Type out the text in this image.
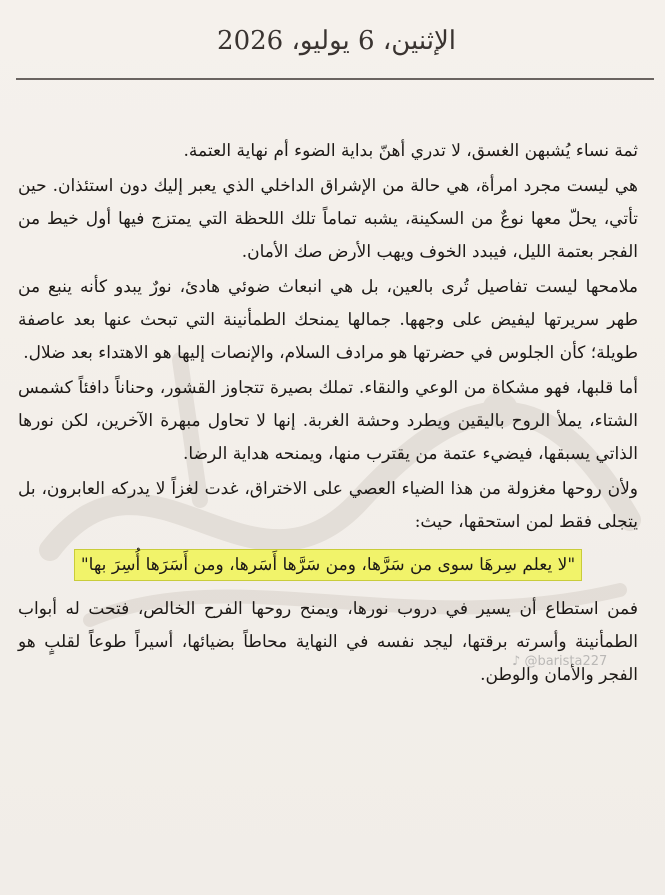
الإثنين، 6 يوليو، 2026

ثمة نساء يُشبهن الغسق، لا تدري أهنّ بداية الضوء أم نهاية العتمة.

هي ليست مجرد امرأة، هي حالة من الإشراق الداخلي الذي يعبر إليك دون استئذان. حين تأتي، يحلّ معها نوعٌ من السكينة، يشبه تماماً تلك اللحظة التي يمتزج فيها أول خيط من الفجر بعتمة الليل، فيبدد الخوف ويهب الأرض صك الأمان.

ملامحها ليست تفاصيل تُرى بالعين، بل هي انبعاث ضوئي هادئ، نورٌ يبدو كأنه ينبع من طهر سريرتها ليفيض على وجهها. جمالها يمنحك الطمأنينة التي تبحث عنها بعد عاصفة طويلة؛ كأن الجلوس في حضرتها هو مرادف السلام، والإنصات إليها هو الاهتداء بعد ضلال.

أما قلبها، فهو مشكاة من الوعي والنقاء. تملك بصيرة تتجاوز القشور، وحناناً دافئاً كشمس الشتاء، يملأ الروح باليقين ويطرد وحشة الغربة. إنها لا تحاول مبهرة الآخرين، لكن نورها الذاتي يسبقها، فيضيء عتمة من يقترب منها، ويمنحه هداية الرضا.

ولأن روحها مغزولة من هذا الضياء العصي على الاختراق، غدت لغزاً لا يدركه العابرون، بل يتجلى فقط لمن استحقها، حيث:

"لا يعلم سِرهَا سوى من سَرَّها، ومن سَرَّها أَسَرها، ومن أَسَرَها أُسِرَ بها"

فمن استطاع أن يسير في دروب نورها، ويمنح روحها الفرح الخالص، فتحت له أبواب الطمأنينة وأسرته برقتها، ليجد نفسه في النهاية محاطاً بضيائها، أسيراً طوعاً لقلبٍ هو الفجر والأمان والوطن.

♪ @barista227
